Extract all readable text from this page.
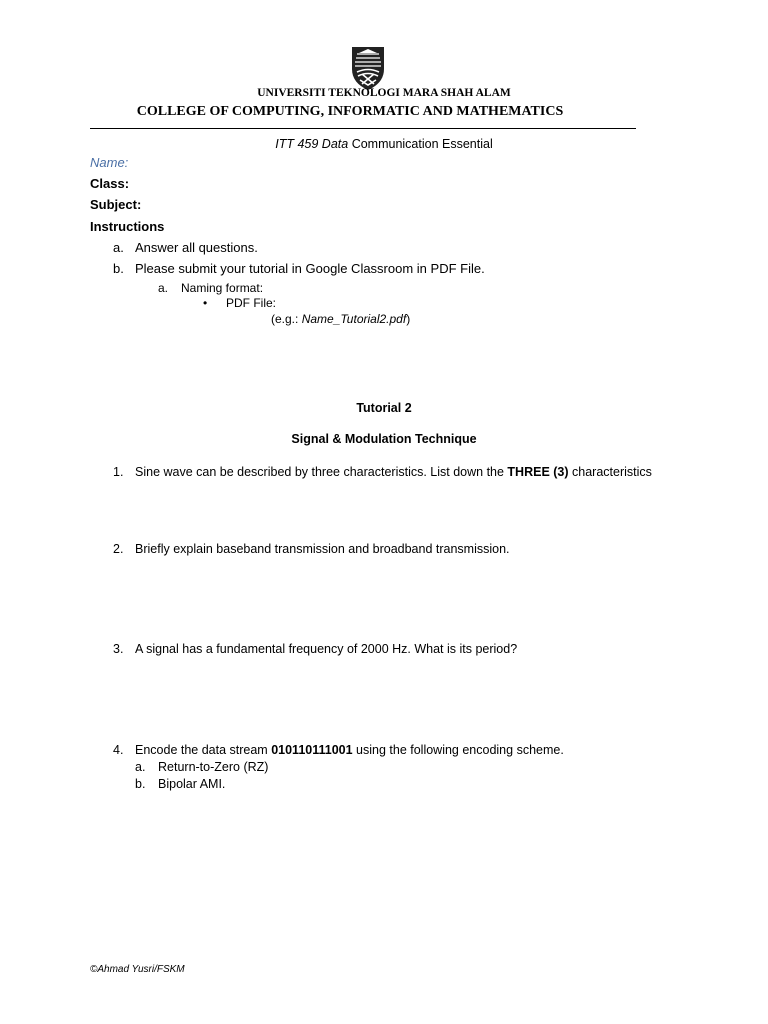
UNIVERSITI TEKNOLOGI MARA SHAH ALAM
COLLEGE OF COMPUTING, INFORMATIC AND MATHEMATICS
ITT 459 Data Communication Essential
Name:
Class:
Subject:
Instructions
a. Answer all questions.
b. Please submit your tutorial in Google Classroom in PDF File.
a. Naming format:
• PDF File:
(e.g.: Name_Tutorial2.pdf)
Tutorial 2
Signal & Modulation Technique
1. Sine wave can be described by three characteristics. List down the THREE (3) characteristics
2. Briefly explain baseband transmission and broadband transmission.
3. A signal has a fundamental frequency of 2000 Hz. What is its period?
4. Encode the data stream 010110111001 using the following encoding scheme.
a. Return-to-Zero (RZ)
b. Bipolar AMI.
©Ahmad Yusri/FSKM
